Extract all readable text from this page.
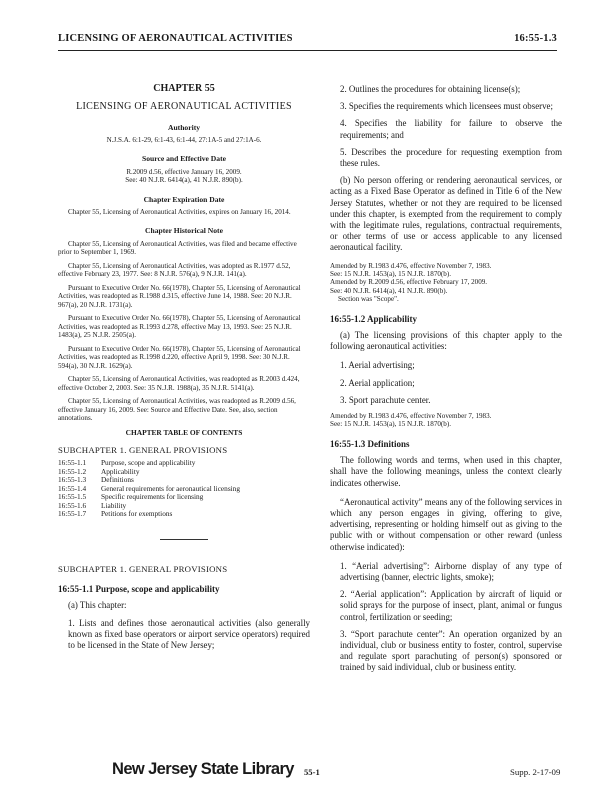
LICENSING OF AERONAUTICAL ACTIVITIES	16:55-1.3

CHAPTER 55

LICENSING OF AERONAUTICAL ACTIVITIES

Authority

N.J.S.A. 6:1-29, 6:1-43, 6:1-44, 27:1A-5 and 27:1A-6.

Source and Effective Date

R.2009 d.56, effective January 16, 2009.

See: 40 N.J.R. 6414(a), 41 N.J.R. 890(b).

Chapter Expiration Date

Chapter 55, Licensing of Aeronautical Activities, expires on January 16, 2014.

Chapter Historical Note

Chapter 55, Licensing of Aeronautical Activities, was filed and became effective prior to September 1, 1969.

Chapter 55, Licensing of Aeronautical Activities, was adopted as R.1977 d.52, effective February 23, 1977. See: 8 N.J.R. 576(a), 9 N.J.R. 141(a).

Pursuant to Executive Order No. 66(1978), Chapter 55, Licensing of Aeronautical Activities, was readopted as R.1988 d.315, effective June 14, 1988. See: 20 N.J.R. 967(a), 20 N.J.R. 1731(a).

Pursuant to Executive Order No. 66(1978), Chapter 55, Licensing of Aeronautical Activities, was readopted as R.1993 d.278, effective May 13, 1993. See: 25 N.J.R. 1483(a), 25 N.J.R. 2505(a).

Pursuant to Executive Order No. 66(1978), Chapter 55, Licensing of Aeronautical Activities, was readopted as R.1998 d.220, effective April 9, 1998. See: 30 N.J.R. 594(a), 30 N.J.R. 1629(a).

Chapter 55, Licensing of Aeronautical Activities, was readopted as R.2003 d.424, effective October 2, 2003. See: 35 N.J.R. 1988(a), 35 N.J.R. 5141(a).

Chapter 55, Licensing of Aeronautical Activities, was readopted as R.2009 d.56, effective January 16, 2009. See: Source and Effective Date. See, also, section annotations.

CHAPTER TABLE OF CONTENTS

SUBCHAPTER 1. GENERAL PROVISIONS

16:55-1.1	Purpose, scope and applicability
16:55-1.2	Applicability
16:55-1.3	Definitions
16:55-1.4	General requirements for aeronautical licensing
16:55-1.5	Specific requirements for licensing
16:55-1.6	Liability
16:55-1.7	Petitions for exemptions

SUBCHAPTER 1. GENERAL PROVISIONS

16:55-1.1 Purpose, scope and applicability

(a) This chapter:

1. Lists and defines those aeronautical activities (also generally known as fixed base operators or airport service operators) required to be licensed in the State of New Jersey;

2. Outlines the procedures for obtaining license(s);

3. Specifies the requirements which licensees must observe;

4. Specifies the liability for failure to observe the requirements; and

5. Describes the procedure for requesting exemption from these rules.

(b) No person offering or rendering aeronautical services, or acting as a Fixed Base Operator as defined in Title 6 of the New Jersey Statutes, whether or not they are required to be licensed under this chapter, is exempted from the requirement to comply with the legitimate rules, regulations, contractual requirements, or other terms of use or access applicable to any licensed aeronautical facility.

Amended by R.1983 d.476, effective November 7, 1983.

See: 15 N.J.R. 1453(a), 15 N.J.R. 1870(b).

Amended by R.2009 d.56, effective February 17, 2009.

See: 40 N.J.R. 6414(a), 41 N.J.R. 890(b).

Section was "Scope".

16:55-1.2 Applicability

(a) The licensing provisions of this chapter apply to the following aeronautical activities:

1. Aerial advertising;

2. Aerial application;

3. Sport parachute center.

Amended by R.1983 d.476, effective November 7, 1983.

See: 15 N.J.R. 1453(a), 15 N.J.R. 1870(b).

16:55-1.3 Definitions

The following words and terms, when used in this chapter, shall have the following meanings, unless the context clearly indicates otherwise.

“Aeronautical activity” means any of the following services in which any person engages in giving, offering to give, advertising, representing or holding himself out as giving to the public with or without compensation or other reward (unless otherwise indicated):

1. “Aerial advertising”: Airborne display of any type of advertising (banner, electric lights, smoke);

2. “Aerial application”: Application by aircraft of liquid or solid sprays for the purpose of insect, plant, animal or fungus control, fertilization or seeding;

3. “Sport parachute center”: An operation organized by an individual, club or business entity to foster, control, supervise and regulate sport parachuting of person(s) sponsored or trained by said individual, club or business entity.

New Jersey State Library 55-1	Supp. 2-17-09
